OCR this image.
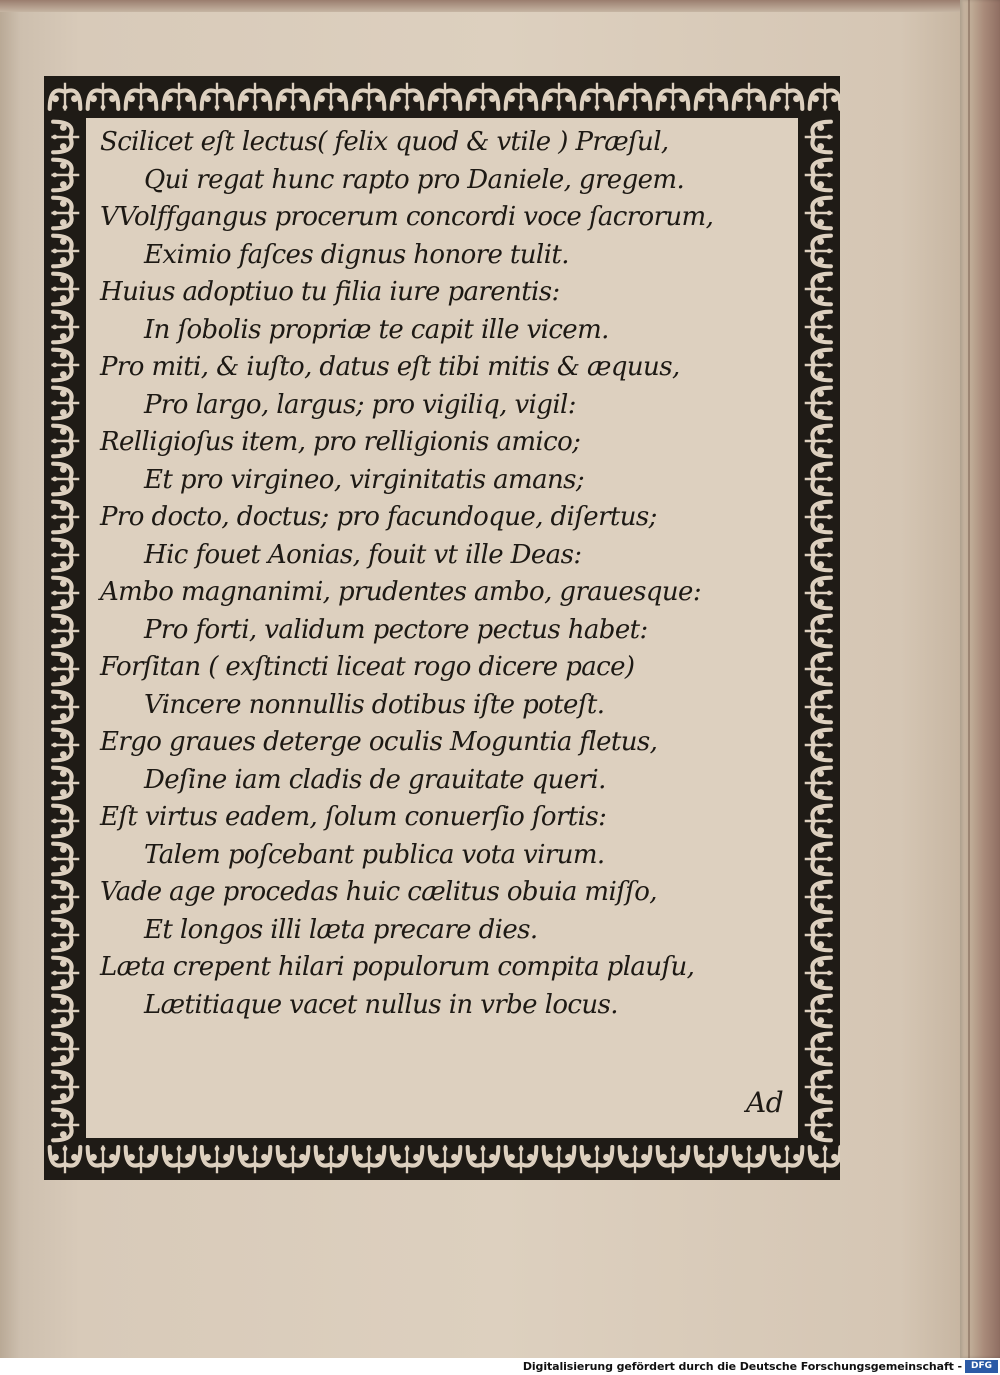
Scilicet eſt lectus( felix quod & vtile ) Præſul,
Qui regat hunc rapto pro Daniele, gregem.
VVolffgangus procerum concordi voce ſacrorum,
Eximio faſces dignus honore tulit.
Huius adoptiuo tu filia iure parentis:
In ſobolis propriæ te capit ille vicem.
Pro miti, & iuſto, datus eſt tibi mitis & æquus,
Pro largo, largus; pro vigiliq, vigil:
Relligioſus item, pro relligionis amico;
Et pro virgineo, virginitatis amans;
Pro docto, doctus; pro facundoque, diſertus;
Hic fouet Aonias, fouit vt ille Deas:
Ambo magnanimi, prudentes ambo, grauesque:
Pro forti, validum pectore pectus habet:
Forſitan ( exſtincti liceat rogo dicere pace)
Vincere nonnullis dotibus iſte poteſt.
Ergo graues deterge oculis Moguntia fletus,
Deſine iam cladis de grauitate queri.
Eſt virtus eadem, ſolum conuerſio ſortis:
Talem poſcebant publica vota virum.
Vade age procedas huic cælitus obuia miſſo,
Et longos illi læta precare dies.
Læta crepent hilari populorum compita plauſu,
Lætitiaque vacet nullus in vrbe locus.
Ad
Digitalisierung gefördert durch die Deutsche Forschungsgemeinschaft - DFG
